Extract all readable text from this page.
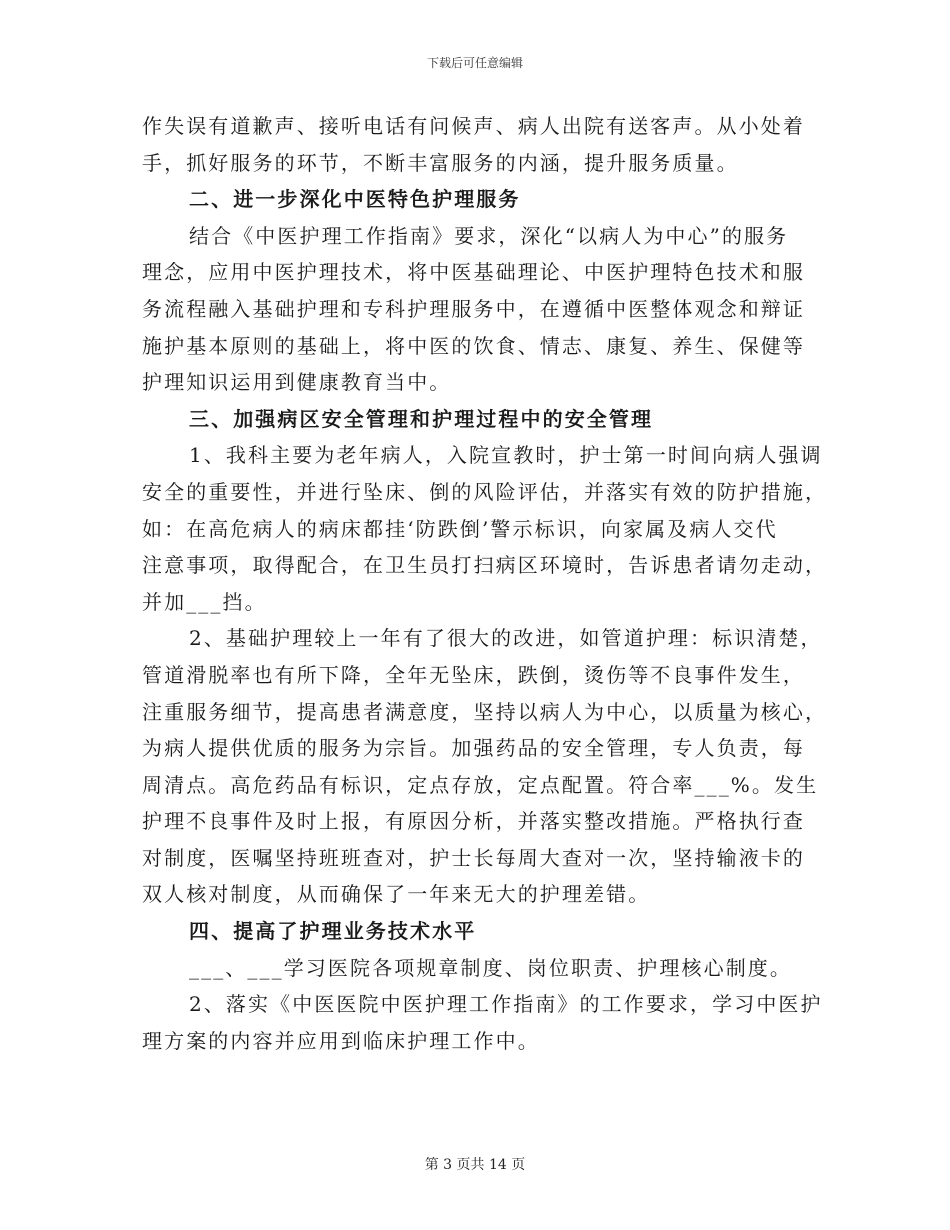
下载后可任意编辑
作失误有道歉声、接听电话有问候声、病人出院有送客声。从小处着
手，抓好服务的环节，不断丰富服务的内涵，提升服务质量。
二、进一步深化中医特色护理服务
结合《中医护理工作指南》要求，深化“以病人为中心”的服务
理念，应用中医护理技术，将中医基础理论、中医护理特色技术和服
务流程融入基础护理和专科护理服务中，在遵循中医整体观念和辩证
施护基本原则的基础上，将中医的饮食、情志、康复、养生、保健等
护理知识运用到健康教育当中。
三、加强病区安全管理和护理过程中的安全管理
1、我科主要为老年病人，入院宣教时，护士第一时间向病人强调
安全的重要性，并进行坠床、倒的风险评估，并落实有效的防护措施，
如：在高危病人的病床都挂‘防跌倒’警示标识，向家属及病人交代
注意事项，取得配合，在卫生员打扫病区环境时，告诉患者请勿走动，
并加___挡。
2、基础护理较上一年有了很大的改进，如管道护理：标识清楚，
管道滑脱率也有所下降，全年无坠床，跌倒，烫伤等不良事件发生，
注重服务细节，提高患者满意度，坚持以病人为中心，以质量为核心，
为病人提供优质的服务为宗旨。加强药品的安全管理，专人负责，每
周清点。高危药品有标识，定点存放，定点配置。符合率___%。发生
护理不良事件及时上报，有原因分析，并落实整改措施。严格执行查
对制度，医嘱坚持班班查对，护士长每周大查对一次，坚持输液卡的
双人核对制度，从而确保了一年来无大的护理差错。
四、提高了护理业务技术水平
___、___学习医院各项规章制度、岗位职责、护理核心制度。
2、落实《中医医院中医护理工作指南》的工作要求，学习中医护
理方案的内容并应用到临床护理工作中。
第 3 页共 14 页
